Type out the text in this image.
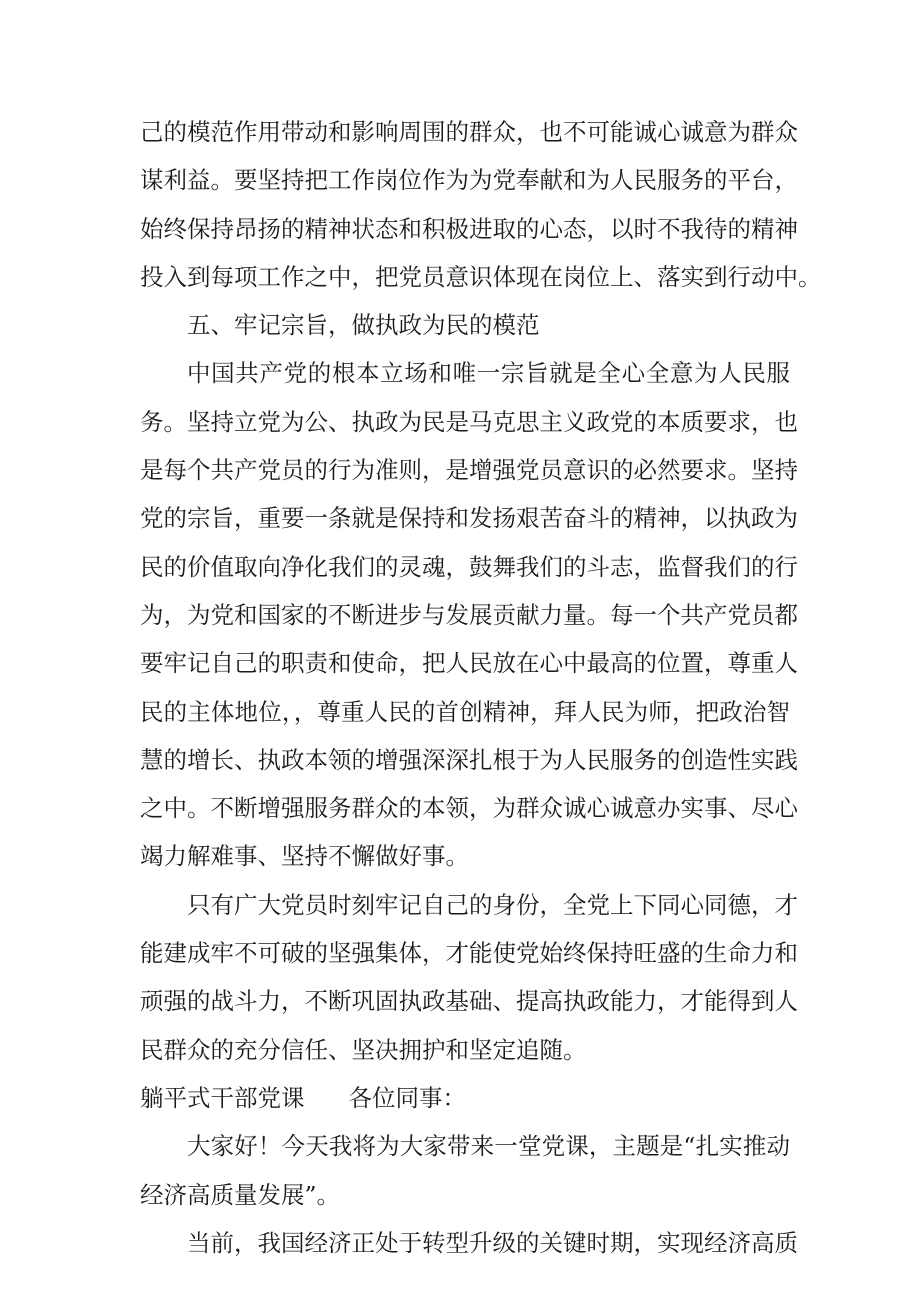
己的模范作用带动和影响周围的群众，也不可能诚心诚意为群众
谋利益。要坚持把工作岗位作为为党奉献和为人民服务的平台，
始终保持昂扬的精神状态和积极进取的心态，以时不我待的精神
投入到每项工作之中，把党员意识体现在岗位上、落实到行动中。
五、牢记宗旨，做执政为民的模范
中国共产党的根本立场和唯一宗旨就是全心全意为人民服
务。坚持立党为公、执政为民是马克思主义政党的本质要求，也
是每个共产党员的行为准则，是增强党员意识的必然要求。坚持
党的宗旨，重要一条就是保持和发扬艰苦奋斗的精神，以执政为
民的价值取向净化我们的灵魂，鼓舞我们的斗志，监督我们的行
为，为党和国家的不断进步与发展贡献力量。每一个共产党员都
要牢记自己的职责和使命，把人民放在心中最高的位置，尊重人
民的主体地位，，尊重人民的首创精神，拜人民为师，把政治智
慧的增长、执政本领的增强深深扎根于为人民服务的创造性实践
之中。不断增强服务群众的本领，为群众诚心诚意办实事、尽心
竭力解难事、坚持不懈做好事。
只有广大党员时刻牢记自己的身份，全党上下同心同德，才
能建成牢不可破的坚强集体，才能使党始终保持旺盛的生命力和
顽强的战斗力，不断巩固执政基础、提高执政能力，才能得到人
民群众的充分信任、坚决拥护和坚定追随。
躺平式干部党课 各位同事：
大家好！今天我将为大家带来一堂党课，主题是“扎实推动
经济高质量发展”。
当前，我国经济正处于转型升级的关键时期，实现经济高质
